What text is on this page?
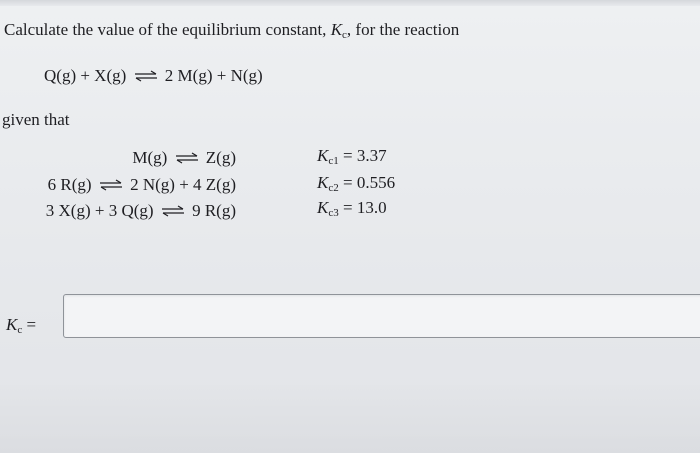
Calculate the value of the equilibrium constant, Kc, for the reaction
Q(g) + X(g) ⇌ 2 M(g) + N(g)
given that
M(g) ⇌ Z(g)
6 R(g) ⇌ 2 N(g) + 4 Z(g)
3 X(g) + 3 Q(g) ⇌ 9 R(g)
Kc1 = 3.37
Kc2 = 0.556
Kc3 = 13.0
Kc =
